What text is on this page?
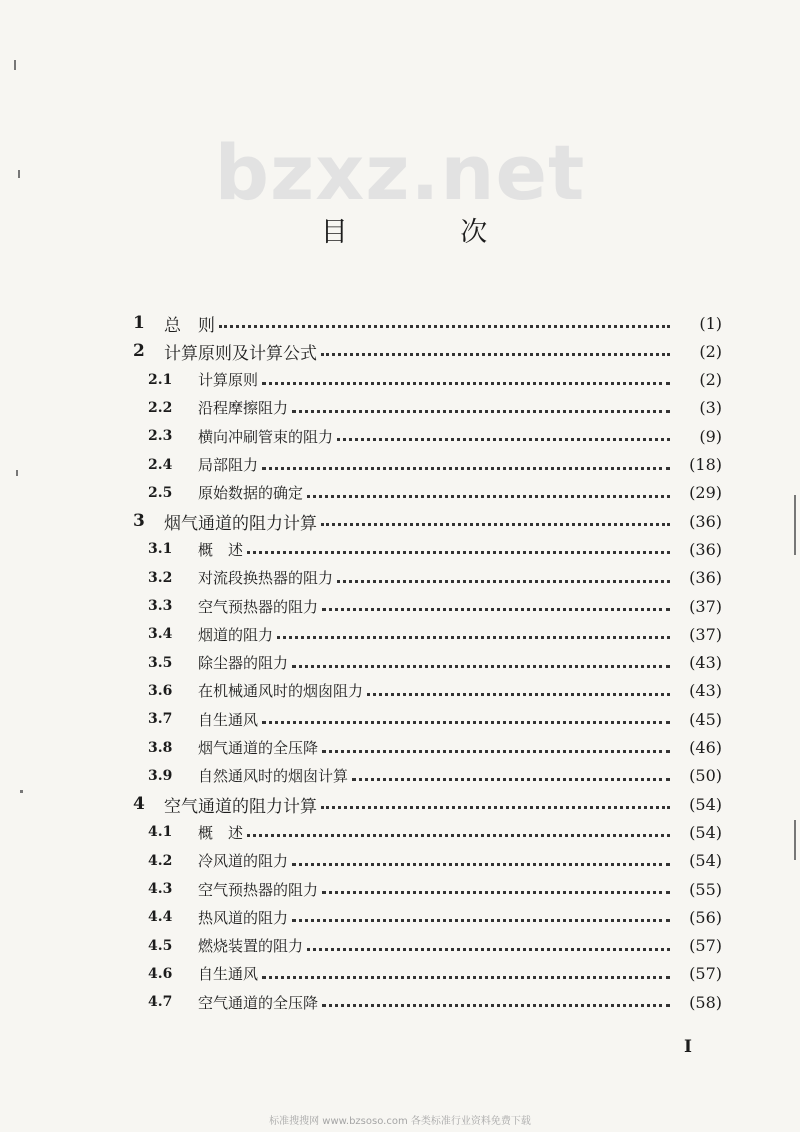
bzxz.net
目 次
1 总　则	(1)
2 计算原则及计算公式	(2)
2.1 计算原则	(2)
2.2 沿程摩擦阻力	(3)
2.3 横向冲刷管束的阻力	(9)
2.4 局部阻力	(18)
2.5 原始数据的确定	(29)
3 烟气通道的阻力计算	(36)
3.1 概　述	(36)
3.2 对流段换热器的阻力	(36)
3.3 空气预热器的阻力	(37)
3.4 烟道的阻力	(37)
3.5 除尘器的阻力	(43)
3.6 在机械通风时的烟囱阻力	(43)
3.7 自生通风	(45)
3.8 烟气通道的全压降	(46)
3.9 自然通风时的烟囱计算	(50)
4 空气通道的阻力计算	(54)
4.1 概　述	(54)
4.2 冷风道的阻力	(54)
4.3 空气预热器的阻力	(55)
4.4 热风道的阻力	(56)
4.5 燃烧装置的阻力	(57)
4.6 自生通风	(57)
4.7 空气通道的全压降	(58)
I
标准搜搜网 www.bzsoso.com 各类标准行业资料免费下载
